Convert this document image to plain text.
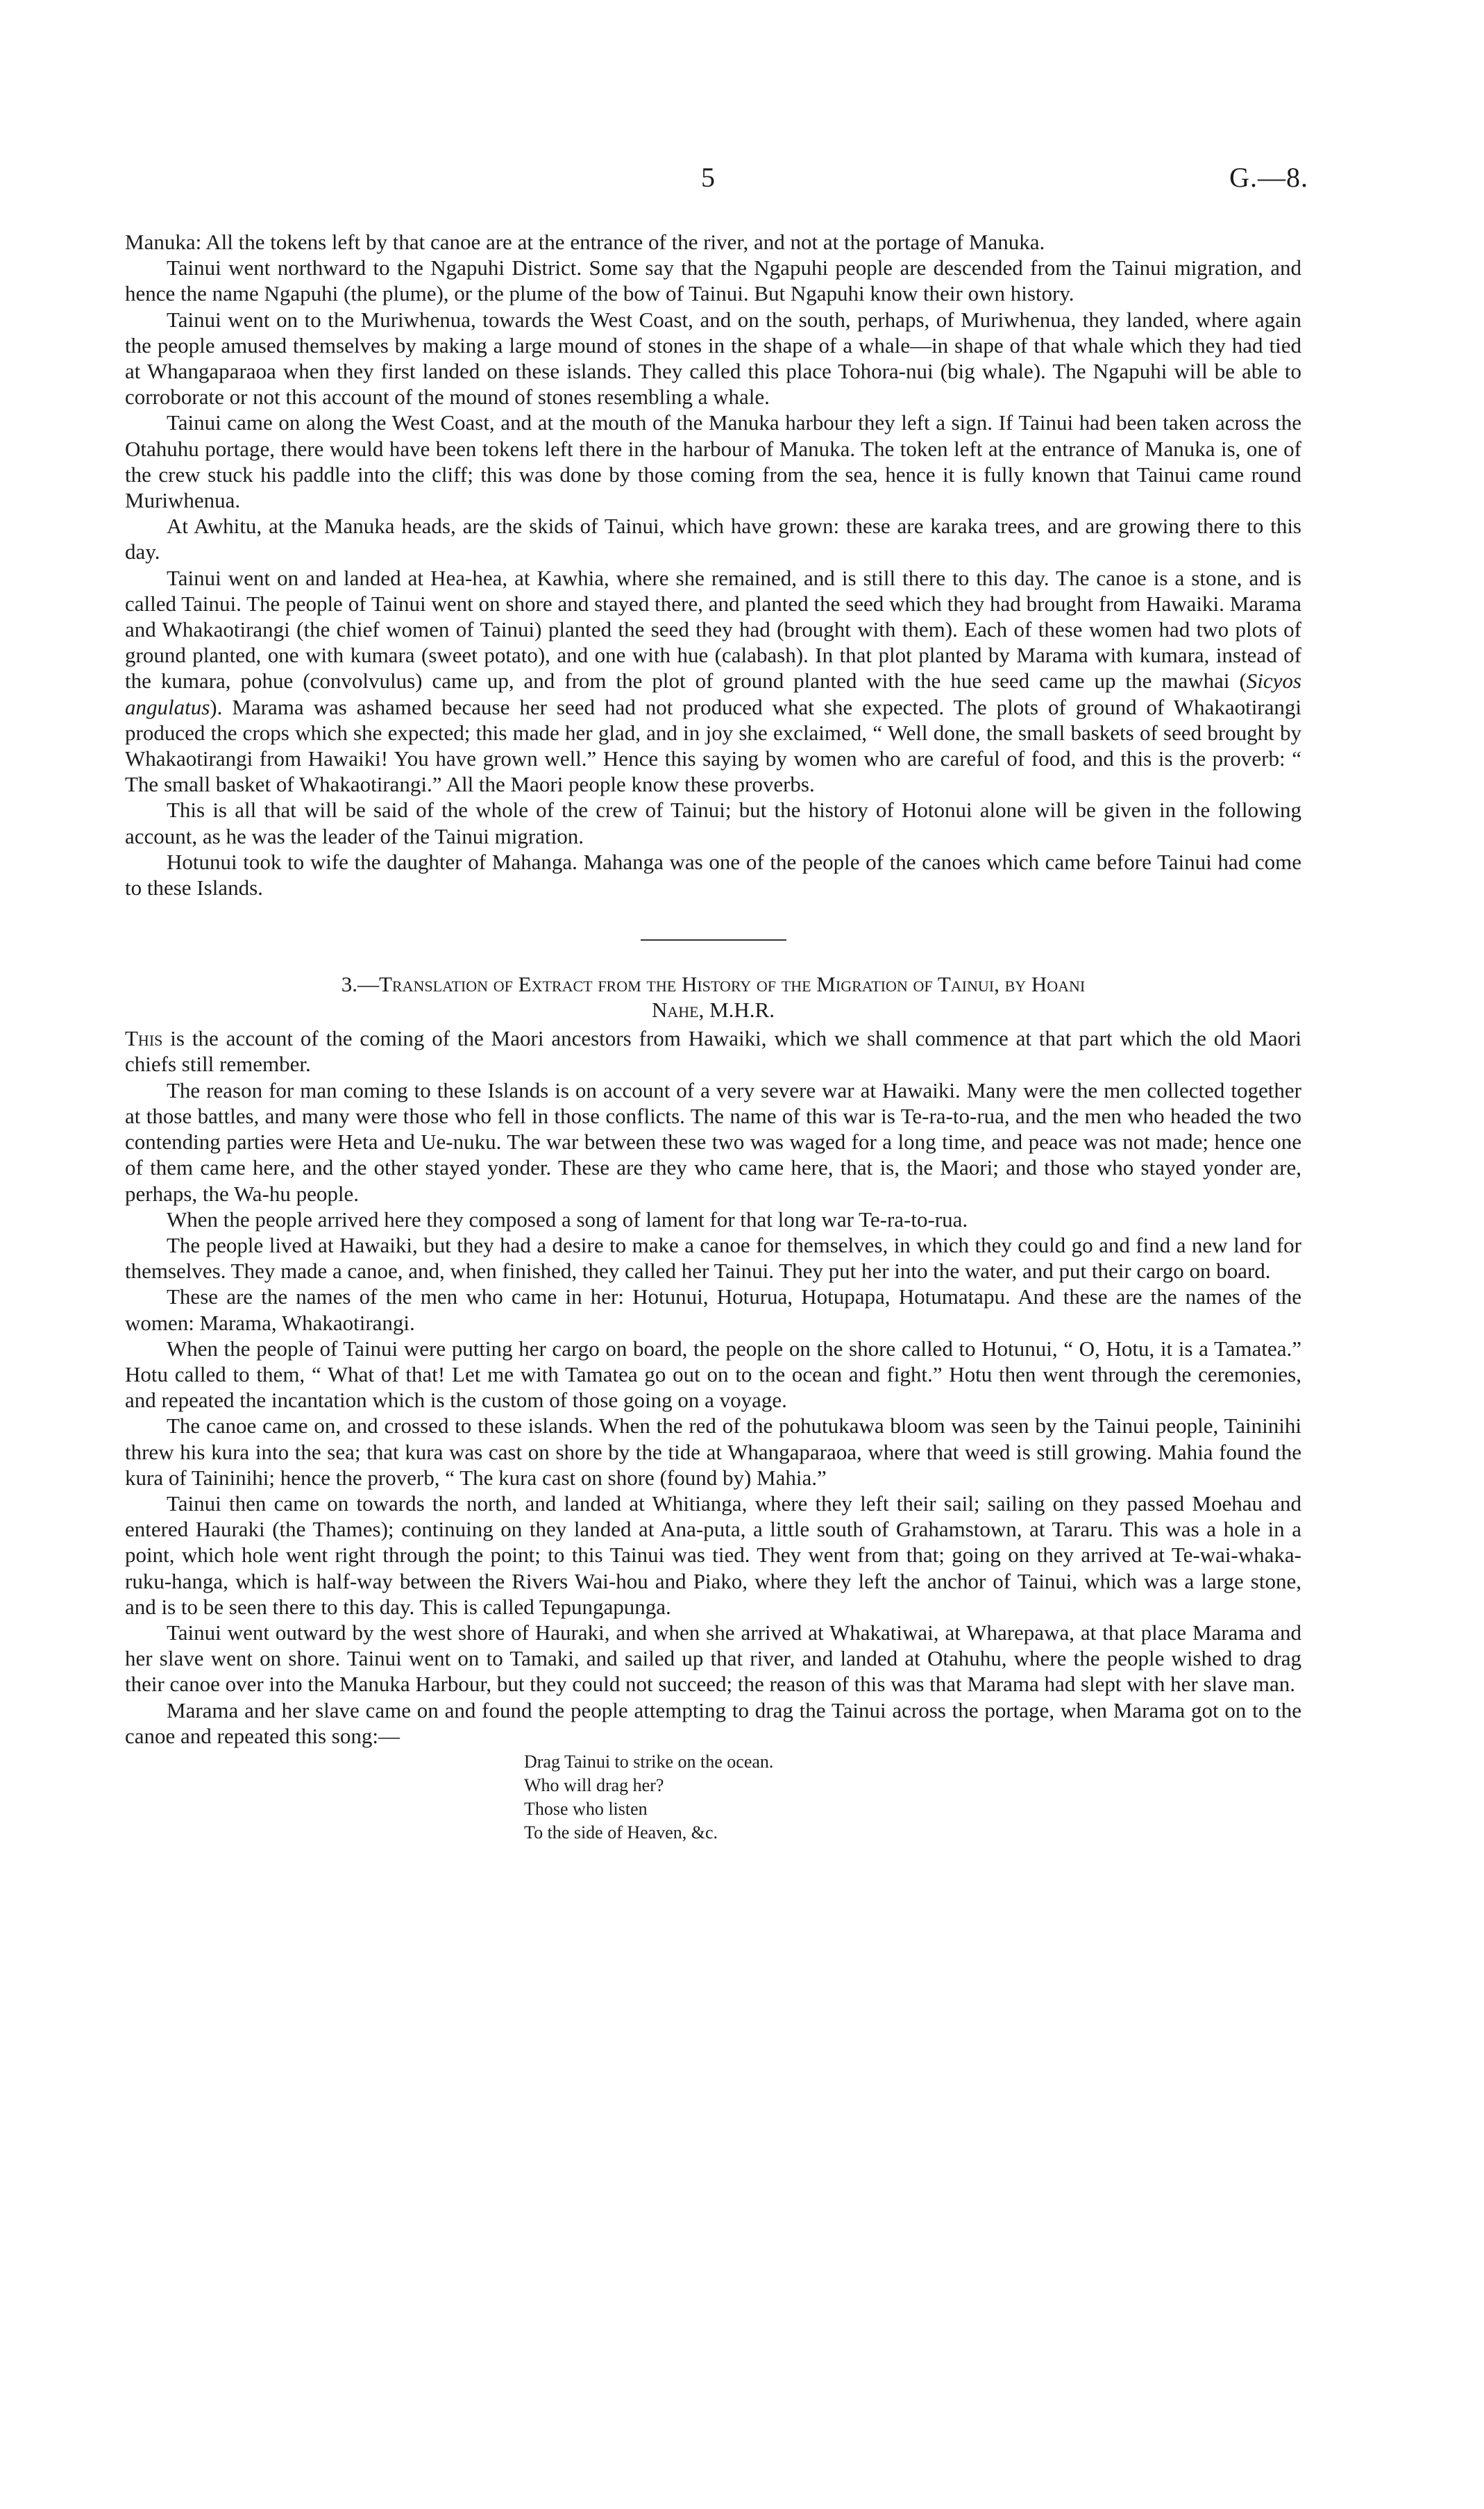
5	G.—8.

Manuka: All the tokens left by that canoe are at the entrance of the river, and not at the portage of Manuka.

Tainui went northward to the Ngapuhi District. Some say that the Ngapuhi people are descended from the Tainui migration, and hence the name Ngapuhi (the plume), or the plume of the bow of Tainui. But Ngapuhi know their own history.

Tainui went on to the Muriwhenua, towards the West Coast, and on the south, perhaps, of Muriwhenua, they landed, where again the people amused themselves by making a large mound of stones in the shape of a whale—in shape of that whale which they had tied at Whangaparaoa when they first landed on these islands. They called this place Tohora-nui (big whale). The Ngapuhi will be able to corroborate or not this account of the mound of stones resembling a whale.

Tainui came on along the West Coast, and at the mouth of the Manuka harbour they left a sign. If Tainui had been taken across the Otahuhu portage, there would have been tokens left there in the harbour of Manuka. The token left at the entrance of Manuka is, one of the crew stuck his paddle into the cliff; this was done by those coming from the sea, hence it is fully known that Tainui came round Muriwhenua.

At Awhitu, at the Manuka heads, are the skids of Tainui, which have grown: these are karaka trees, and are growing there to this day.

Tainui went on and landed at Hea-hea, at Kawhia, where she remained, and is still there to this day. The canoe is a stone, and is called Tainui. The people of Tainui went on shore and stayed there, and planted the seed which they had brought from Hawaiki. Marama and Whakaotirangi (the chief women of Tainui) planted the seed they had (brought with them). Each of these women had two plots of ground planted, one with kumara (sweet potato), and one with hue (calabash). In that plot planted by Marama with kumara, instead of the kumara, pohue (convolvulus) came up, and from the plot of ground planted with the hue seed came up the mawhai (Sicyos angulatus). Marama was ashamed because her seed had not produced what she expected. The plots of ground of Whakaotirangi produced the crops which she expected; this made her glad, and in joy she exclaimed, “ Well done, the small baskets of seed brought by Whakaotirangi from Hawaiki! You have grown well.” Hence this saying by women who are careful of food, and this is the proverb: “ The small basket of Whakaotirangi.” All the Maori people know these proverbs.

This is all that will be said of the whole of the crew of Tainui; but the history of Hotonui alone will be given in the following account, as he was the leader of the Tainui migration.

Hotunui took to wife the daughter of Mahanga. Mahanga was one of the people of the canoes which came before Tainui had come to these Islands.

3.—Translation of Extract from the History of the Migration of Tainui, by Hoani
Nahe, M.H.R.

This is the account of the coming of the Maori ancestors from Hawaiki, which we shall commence at that part which the old Maori chiefs still remember.

The reason for man coming to these Islands is on account of a very severe war at Hawaiki. Many were the men collected together at those battles, and many were those who fell in those conflicts. The name of this war is Te-ra-to-rua, and the men who headed the two contending parties were Heta and Ue-nuku. The war between these two was waged for a long time, and peace was not made; hence one of them came here, and the other stayed yonder. These are they who came here, that is, the Maori; and those who stayed yonder are, perhaps, the Wa-hu people.

When the people arrived here they composed a song of lament for that long war Te-ra-to-rua.

The people lived at Hawaiki, but they had a desire to make a canoe for themselves, in which they could go and find a new land for themselves. They made a canoe, and, when finished, they called her Tainui. They put her into the water, and put their cargo on board.

These are the names of the men who came in her: Hotunui, Hoturua, Hotupapa, Hotumatapu. And these are the names of the women: Marama, Whakaotirangi.

When the people of Tainui were putting her cargo on board, the people on the shore called to Hotunui, “ O, Hotu, it is a Tamatea.” Hotu called to them, “ What of that! Let me with Tamatea go out on to the ocean and fight.” Hotu then went through the ceremonies, and repeated the incantation which is the custom of those going on a voyage.

The canoe came on, and crossed to these islands. When the red of the pohutukawa bloom was seen by the Tainui people, Taininihi threw his kura into the sea; that kura was cast on shore by the tide at Whangaparaoa, where that weed is still growing. Mahia found the kura of Taininihi; hence the proverb, “ The kura cast on shore (found by) Mahia.”

Tainui then came on towards the north, and landed at Whitianga, where they left their sail; sailing on they passed Moehau and entered Hauraki (the Thames); continuing on they landed at Ana-puta, a little south of Grahamstown, at Tararu. This was a hole in a point, which hole went right through the point; to this Tainui was tied. They went from that; going on they arrived at Te-wai-whaka-ruku-hanga, which is half-way between the Rivers Wai-hou and Piako, where they left the anchor of Tainui, which was a large stone, and is to be seen there to this day. This is called Tepungapunga.

Tainui went outward by the west shore of Hauraki, and when she arrived at Whakatiwai, at Wharepawa, at that place Marama and her slave went on shore. Tainui went on to Tamaki, and sailed up that river, and landed at Otahuhu, where the people wished to drag their canoe over into the Manuka Harbour, but they could not succeed; the reason of this was that Marama had slept with her slave man.

Marama and her slave came on and found the people attempting to drag the Tainui across the portage, when Marama got on to the canoe and repeated this song:—

Drag Tainui to strike on the ocean.
Who will drag her?
Those who listen
To the side of Heaven, &c.
